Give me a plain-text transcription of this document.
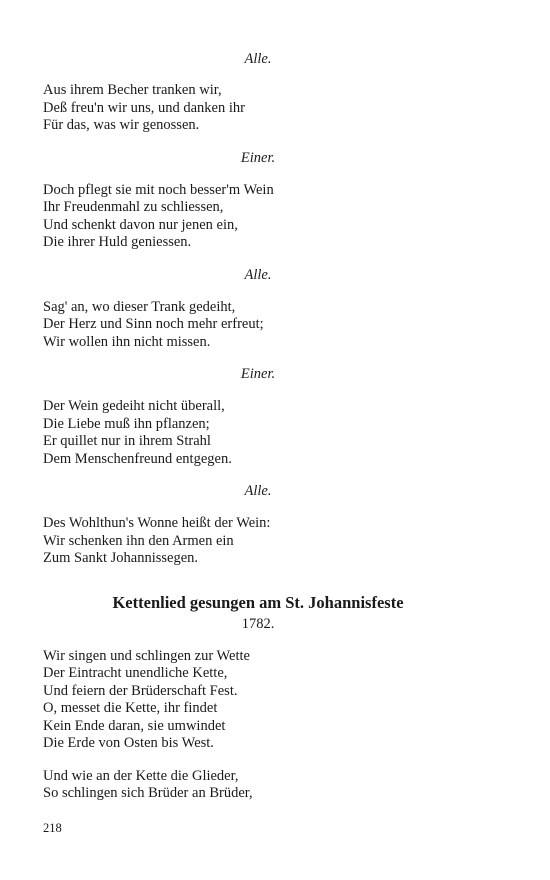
Alle.
Aus ihrem Becher tranken wir,
Deß freu'n wir uns, und danken ihr
Für das, was wir genossen.
Einer.
Doch pflegt sie mit noch besser'm Wein
Ihr Freudenmahl zu schliessen,
Und schenkt davon nur jenen ein,
Die ihrer Huld geniessen.
Alle.
Sag' an, wo dieser Trank gedeiht,
Der Herz und Sinn noch mehr erfreut;
Wir wollen ihn nicht missen.
Einer.
Der Wein gedeiht nicht überall,
Die Liebe muß ihn pflanzen;
Er quillet nur in ihrem Strahl
Dem Menschenfreund entgegen.
Alle.
Des Wohlthun's Wonne heißt der Wein:
Wir schenken ihn den Armen ein
Zum Sankt Johannissegen.
Kettenlied gesungen am St. Johannisfeste
1782.
Wir singen und schlingen zur Wette
Der Eintracht unendliche Kette,
Und feiern der Brüderschaft Fest.
O, messet die Kette, ihr findet
Kein Ende daran, sie umwindet
Die Erde von Osten bis West.
Und wie an der Kette die Glieder,
So schlingen sich Brüder an Brüder,
218
